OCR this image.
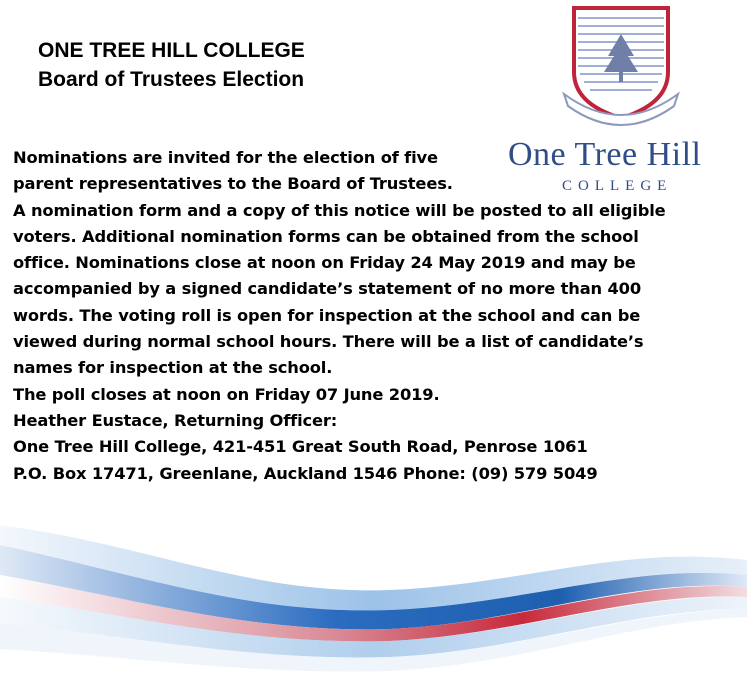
ONE TREE HILL COLLEGE
Board of Trustees Election
One Tree Hill
COLLEGE
Nominations are invited for the election of five
parent representatives to the Board of Trustees.
A nomination form and a copy of this notice will be posted to all eligible
voters. Additional nomination forms can be obtained from the school
office. Nominations close at noon on Friday 24 May 2019 and may be
accompanied by a signed candidate’s statement of no more than 400
words. The voting roll is open for inspection at the school and can be
viewed during normal school hours. There will be a list of candidate’s
names for inspection at the school.
The poll closes at noon on Friday 07 June 2019.
Heather Eustace, Returning Officer:
One Tree Hill College, 421-451 Great South Road, Penrose 1061
P.O. Box 17471, Greenlane, Auckland 1546 Phone: (09) 579 5049
